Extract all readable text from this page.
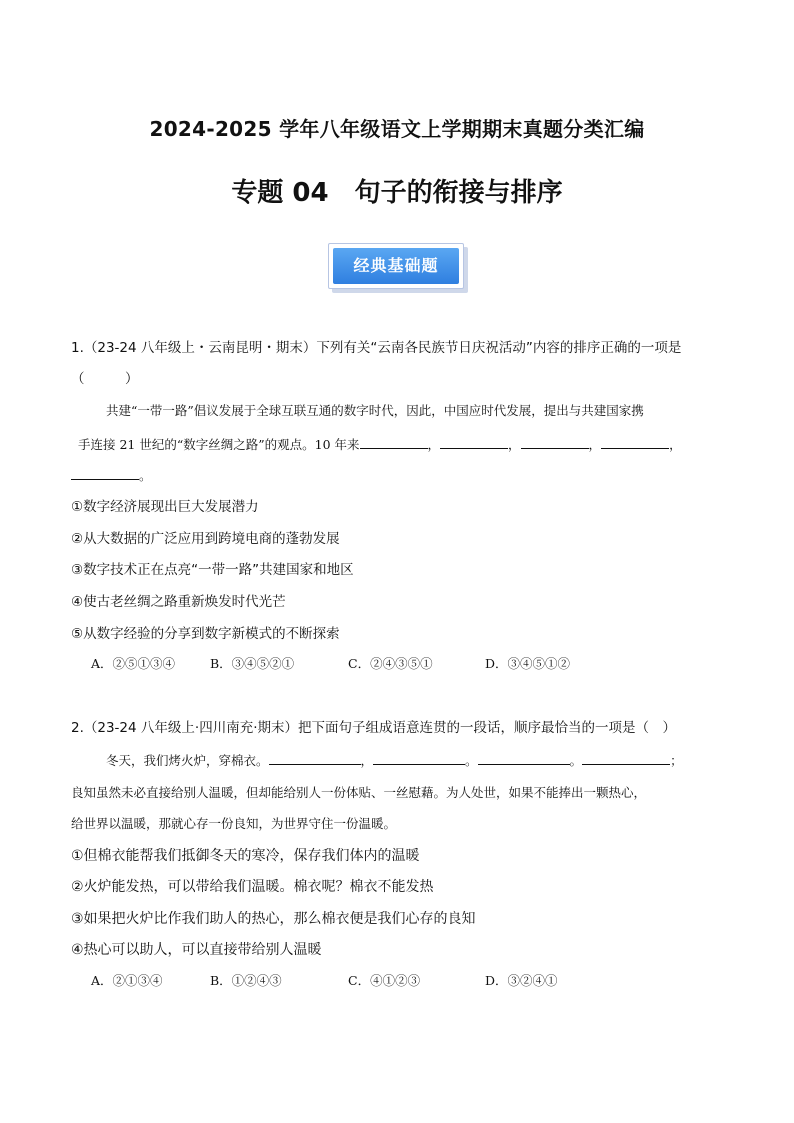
2024-2025 学年八年级语文上学期期末真题分类汇编
专题 04　句子的衔接与排序
经典基础题
1.（23-24 八年级上・云南昆明・期末）下列有关“云南各民族节日庆祝活动”内容的排序正确的一项是
（　　　）
共建“一带一路”倡议发展于全球互联互通的数字时代，因此，中国应时代发展，提出与共建国家携
手连接 21 世纪的“数字丝绸之路”的观点。10 年来	，	，	，	，
。
①数字经济展现出巨大发展潜力
②从大数据的广泛应用到跨境电商的蓬勃发展
③数字技术正在点亮“一带一路”共建国家和地区
④使古老丝绸之路重新焕发时代光芒
⑤从数字经验的分享到数字新模式的不断探索
A．②⑤①③④	B．③④⑤②①	C．②④③⑤①	D．③④⑤①②
2.（23-24 八年级上·四川南充·期末）把下面句子组成语意连贯的一段话，顺序最恰当的一项是（　）
冬天，我们烤火炉，穿棉衣。	，	。	。	；
良知虽然未必直接给别人温暖，但却能给别人一份体贴、一丝慰藉。为人处世，如果不能捧出一颗热心，
给世界以温暖，那就心存一份良知，为世界守住一份温暖。
①但棉衣能帮我们抵御冬天的寒冷，保存我们体内的温暖
②火炉能发热，可以带给我们温暖。棉衣呢？棉衣不能发热
③如果把火炉比作我们助人的热心，那么棉衣便是我们心存的良知
④热心可以助人，可以直接带给别人温暖
A．②①③④	B．①②④③	C．④①②③	D．③②④①
